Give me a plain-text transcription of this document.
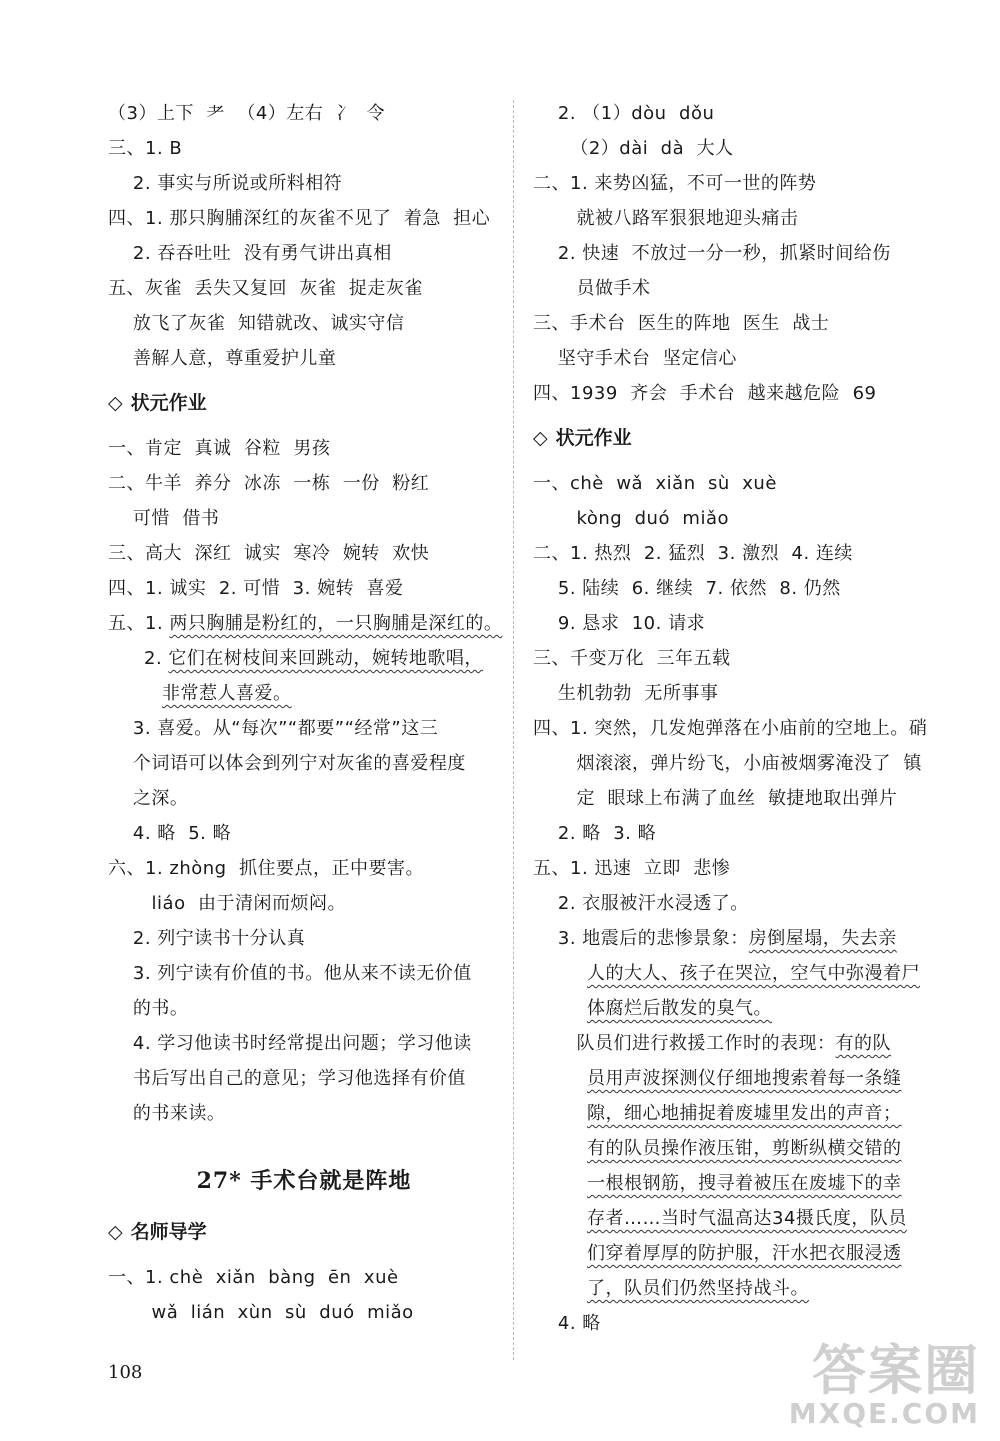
（3）上下  耂  （4）左右  冫  令
三、1. B
2. 事实与所说或所料相符
四、1. 那只胸脯深红的灰雀不见了  着急  担心
2. 吞吞吐吐  没有勇气讲出真相
五、灰雀  丢失又复回  灰雀  捉走灰雀
放飞了灰雀  知错就改、诚实守信
善解人意，尊重爱护儿童
◇ 状元作业
一、肯定  真诚  谷粒  男孩
二、牛羊  养分  冰冻  一栋  一份  粉红
可惜  借书
三、高大  深红  诚实  寒冷  婉转  欢快
四、1. 诚实  2. 可惜  3. 婉转  喜爱
五、1. 两只胸脯是粉红的，一只胸脯是深红的。
2. 它们在树枝间来回跳动，婉转地歌唱，
非常惹人喜爱。
3. 喜爱。从“每次”“都要”“经常”这三
个词语可以体会到列宁对灰雀的喜爱程度
之深。
4. 略  5. 略
六、1. zhòng  抓住要点，正中要害。
liáo  由于清闲而烦闷。
2. 列宁读书十分认真
3. 列宁读有价值的书。他从来不读无价值
的书。
4. 学习他读书时经常提出问题；学习他读
书后写出自己的意见；学习他选择有价值
的书来读。
27* 手术台就是阵地
◇ 名师导学
一、1. chè  xiǎn  bàng  ēn  xuè
wǎ  lián  xùn  sù  duó  miǎo
2. （1）dòu  dǒu
（2）dài  dà  大人
二、1. 来势凶猛，不可一世的阵势
就被八路军狠狠地迎头痛击
2. 快速  不放过一分一秒，抓紧时间给伤
员做手术
三、手术台  医生的阵地  医生  战士
坚守手术台  坚定信心
四、1939  齐会  手术台  越来越危险  69
◇ 状元作业
一、chè  wǎ  xiǎn  sù  xuè
kòng  duó  miǎo
二、1. 热烈  2. 猛烈  3. 激烈  4. 连续
5. 陆续  6. 继续  7. 依然  8. 仍然
9. 恳求  10. 请求
三、千变万化  三年五载
生机勃勃  无所事事
四、1. 突然，几发炮弹落在小庙前的空地上。硝
烟滚滚，弹片纷飞，小庙被烟雾淹没了  镇
定  眼球上布满了血丝  敏捷地取出弹片
2. 略  3. 略
五、1. 迅速  立即  悲惨
2. 衣服被汗水浸透了。
3. 地震后的悲惨景象：房倒屋塌，失去亲
人的大人、孩子在哭泣，空气中弥漫着尸
体腐烂后散发的臭气。
队员们进行救援工作时的表现：有的队
员用声波探测仪仔细地搜索着每一条缝
隙，细心地捕捉着废墟里发出的声音；
有的队员操作液压钳，剪断纵横交错的
一根根钢筋，搜寻着被压在废墟下的幸
存者……当时气温高达34摄氏度，队员
们穿着厚厚的防护服，汗水把衣服浸透
了，队员们仍然坚持战斗。
4. 略
108	答案圈
MXQE.COM
